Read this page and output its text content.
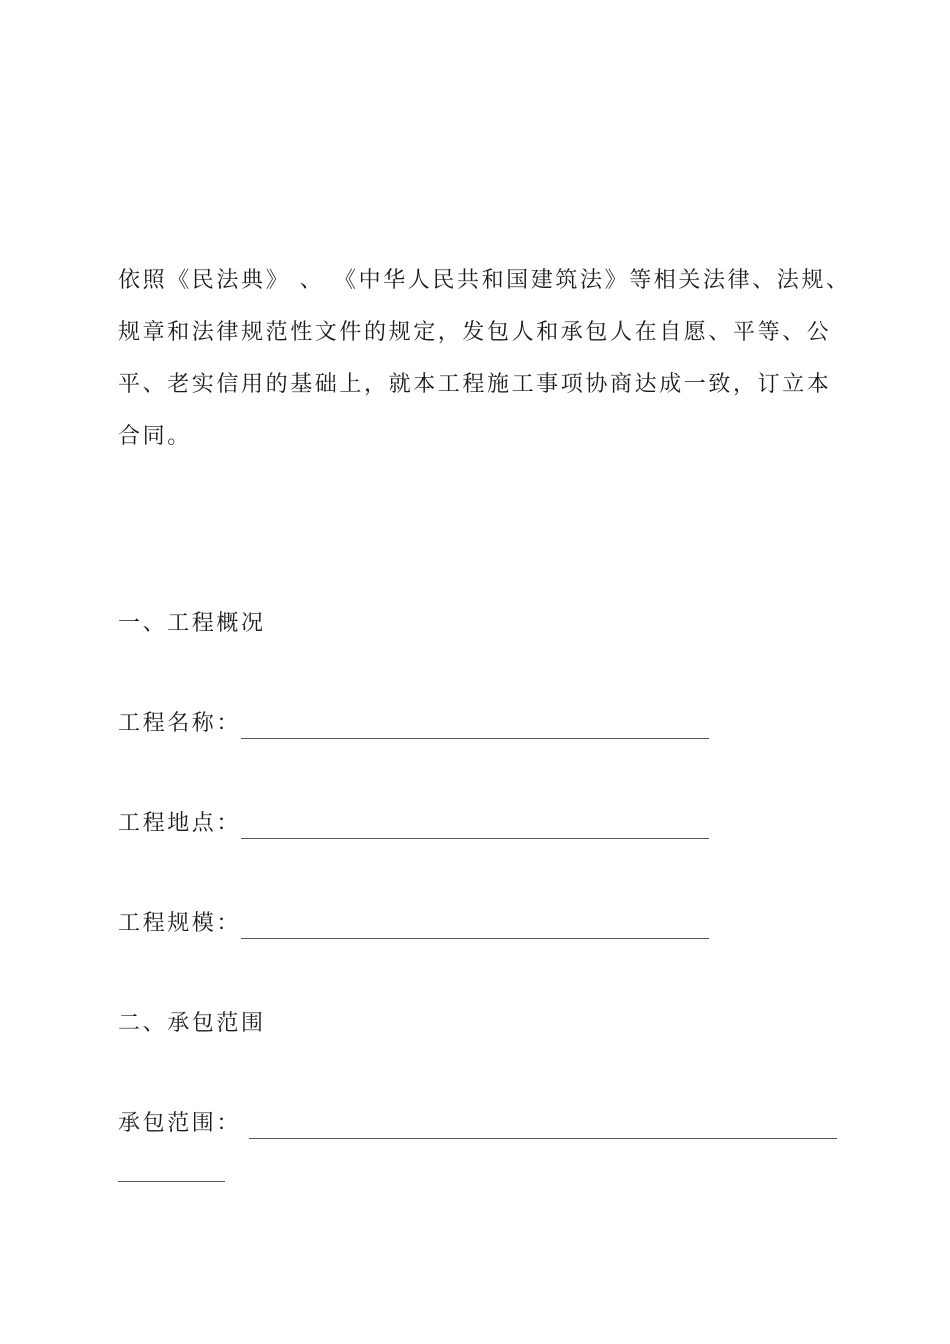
依照《民法典》 、 《中华人民共和国建筑法》等相关法律、法规、

规章和法律规范性文件的规定，发包人和承包人在自愿、平等、公

平、老实信用的基础上，就本工程施工事项协商达成一致，订立本

合同。

一、工程概况
工程名称：
工程地点：
工程规模：
二、承包范围
承包范围：
